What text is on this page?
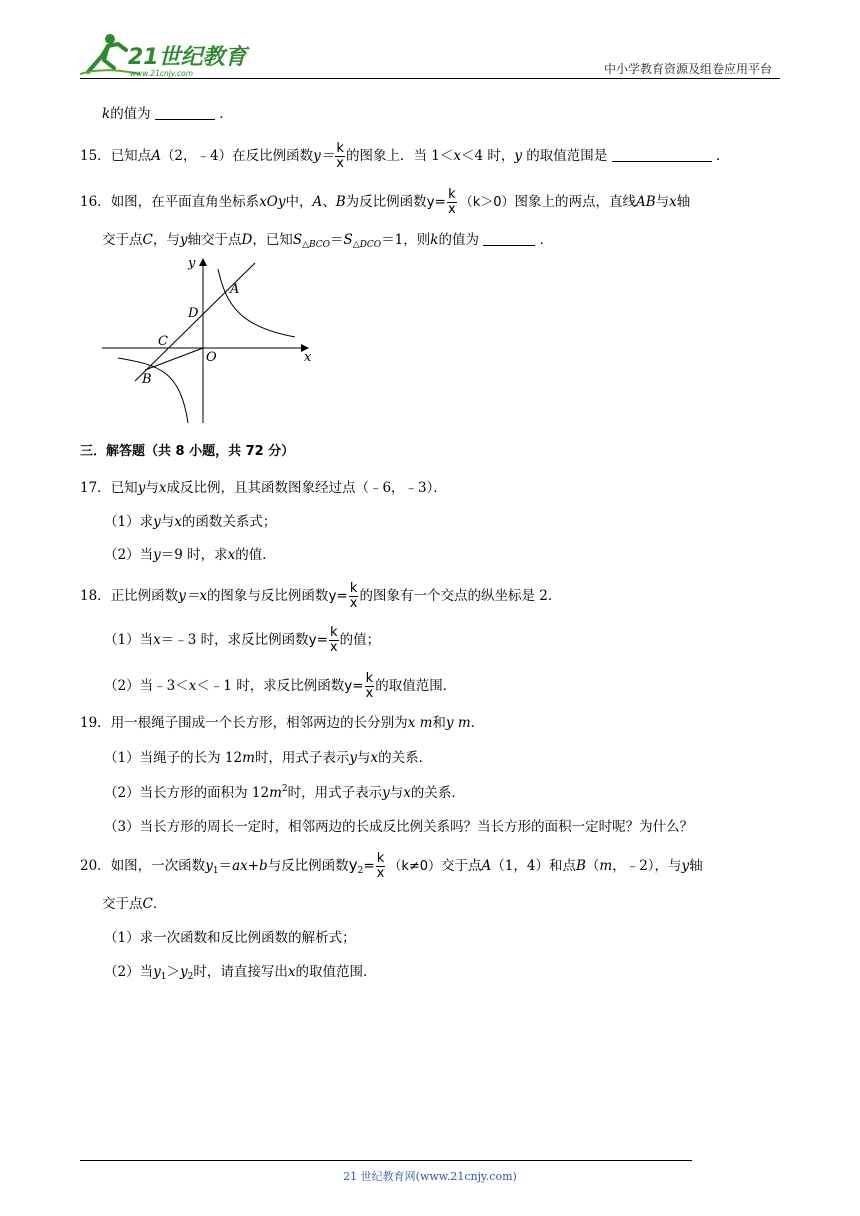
21世纪教育
www.21cnjy.com	中小学教育资源及组卷应用平台
k的值为	．
15．已知点A（2，﹣4）在反比例函数$y= \frac{k}{x}$ 的图象上．当 1＜x＜4 时，y 的取值范围是	．
16．如图，在平面直角坐标系xOy中，A、B为反比例函数$y= \frac{k}{x} (k>0)$图象上的两点，直线AB与x轴
交于点C，与y轴交于点D，已知$S_{\triangle BCO}=S_{\triangle DCO}=1$，则k的值为	．
y
x
A
D
C
O
B
三．解答题（共 8 小题，共 72 分）
17．已知y与x成反比例，且其函数图象经过点（﹣6，﹣3）．
（1）求y与x的函数关系式；
（2）当y＝9 时，求x的值．
18．正比例函数y＝x的图象与反比例函数$y= \frac{k}{x}$ 的图象有一个交点的纵坐标是 2．
（1）当x＝﹣3 时，求反比例函数$y= \frac{k}{x}$ 的值；
（2）当﹣3＜x＜﹣1 时，求反比例函数$y= \frac{k}{x}$ 的取值范围．
19．用一根绳子围成一个长方形，相邻两边的长分别为x m和y m．
（1）当绳子的长为 12m时，用式子表示y与x的关系．
（2）当长方形的面积为 $12m^2$时，用式子表示y与x的关系．
（3）当长方形的周长一定时，相邻两边的长成反比例关系吗？当长方形的面积一定时呢？为什么？
20．如图，一次函数$y_1=ax+b$与反比例函数$y_2= \frac{k}{x} (k\ne 0)$交于点A（1，4）和点B（m，﹣2），与y轴
交于点C．
（1）求一次函数和反比例函数的解析式；
（2）当$y_1>y_2$时，请直接写出x的取值范围．
21 世纪教育网(www.21cnjy.com)
